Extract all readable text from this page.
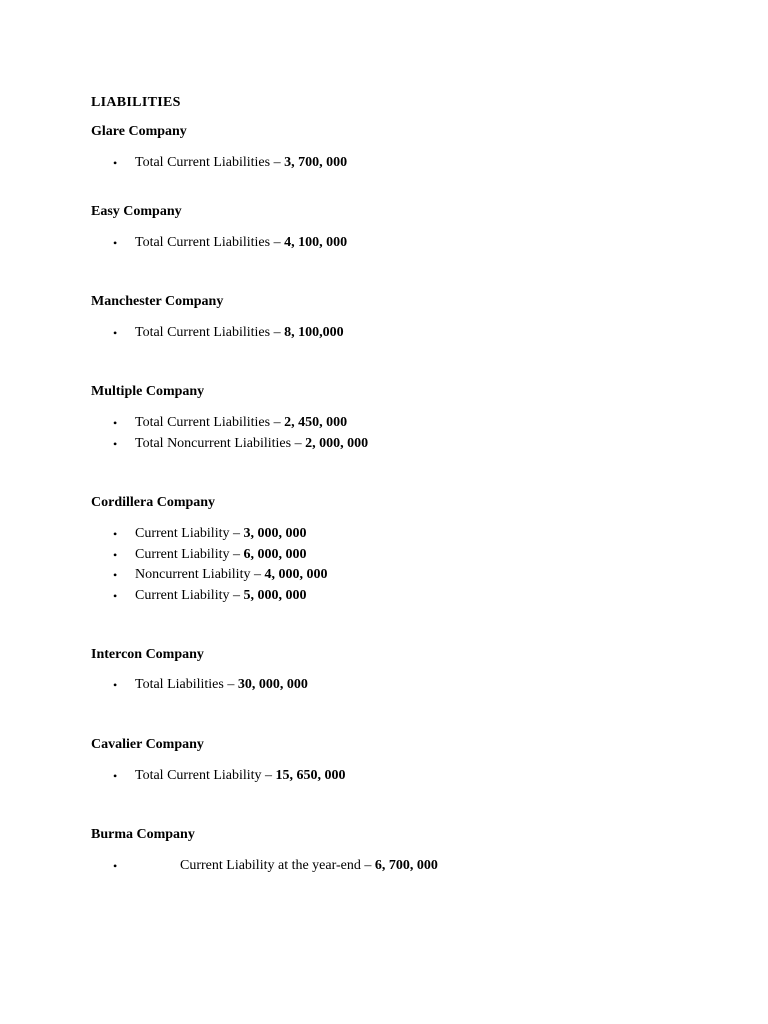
LIABILITIES
Glare Company
• Total Current Liabilities – 3, 700, 000
Easy Company
• Total Current Liabilities – 4, 100, 000
Manchester Company
• Total Current Liabilities – 8, 100,000
Multiple Company
• Total Current Liabilities – 2, 450, 000
• Total Noncurrent Liabilities – 2, 000, 000
Cordillera Company
• Current Liability – 3, 000, 000
• Current Liability – 6, 000, 000
• Noncurrent Liability – 4, 000, 000
• Current Liability – 5, 000, 000
Intercon Company
• Total Liabilities – 30, 000, 000
Cavalier Company
• Total Current Liability – 15, 650, 000
Burma Company
•	Current Liability at the year-end – 6, 700, 000
